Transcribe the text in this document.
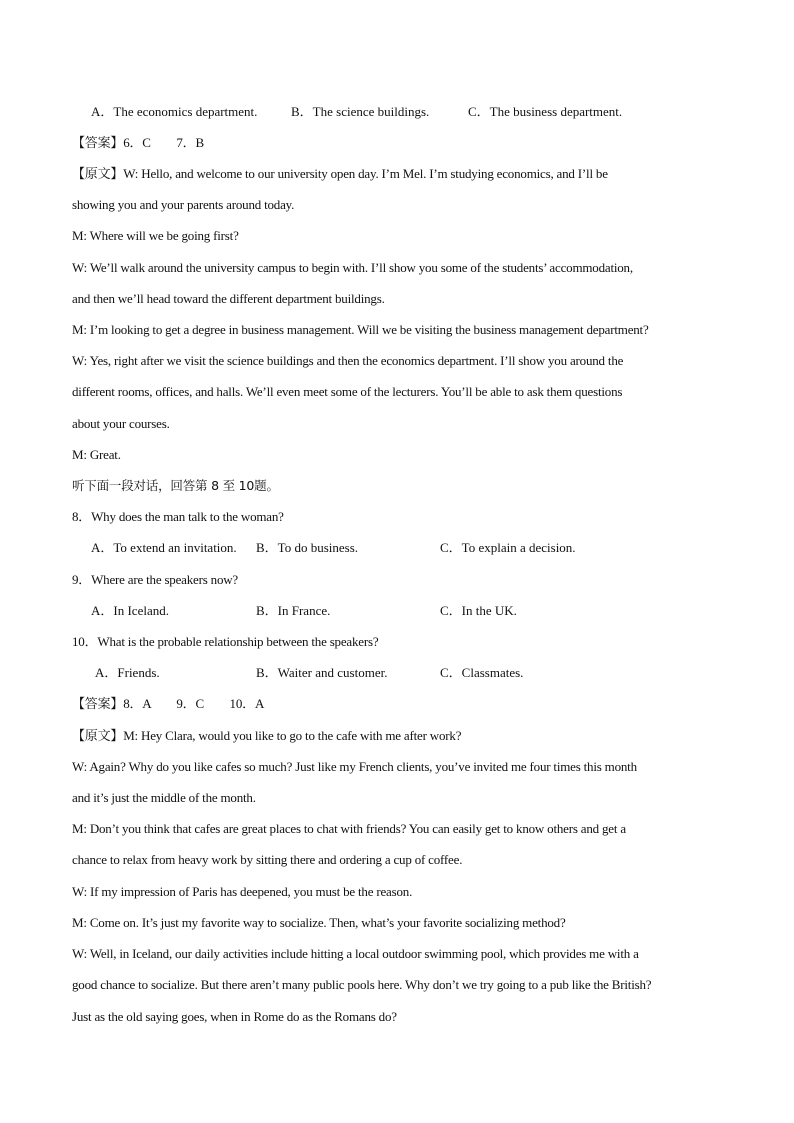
A．The economics department.	B．The science buildings.	C．The business department.
【答案】6．C　　7．B
【原文】W: Hello, and welcome to our university open day. I’m Mel. I’m studying economics, and I’ll be
showing you and your parents around today.
M: Where will we be going first?
W: We’ll walk around the university campus to begin with. I’ll show you some of the students’ accommodation,
and then we’ll head toward the different department buildings.
M: I’m looking to get a degree in business management. Will we be visiting the business management department?
W: Yes, right after we visit the science buildings and then the economics department. I’ll show you around the
different rooms, offices, and halls. We’ll even meet some of the lecturers. You’ll be able to ask them questions
about your courses.
M: Great.
听下面一段对话，回答第 8 至 10题。
8．Why does the man talk to the woman?
A．To extend an invitation. B．To do business.	C．To explain a decision.
9．Where are the speakers now?
A．In Iceland.	B．In France.	C．In the UK.
10．What is the probable relationship between the speakers?
A．Friends.	B．Waiter and customer.	C．Classmates.
【答案】8．A　　9．C　　10．A
【原文】M: Hey Clara, would you like to go to the cafe with me after work?
W: Again? Why do you like cafes so much? Just like my French clients, you’ve invited me four times this month
and it’s just the middle of the month.
M: Don’t you think that cafes are great places to chat with friends? You can easily get to know others and get a
chance to relax from heavy work by sitting there and ordering a cup of coffee.
W: If my impression of Paris has deepened, you must be the reason.
M: Come on. It’s just my favorite way to socialize. Then, what’s your favorite socializing method?
W: Well, in Iceland, our daily activities include hitting a local outdoor swimming pool, which provides me with a
good chance to socialize. But there aren’t many public pools here. Why don’t we try going to a pub like the British?
Just as the old saying goes, when in Rome do as the Romans do?
